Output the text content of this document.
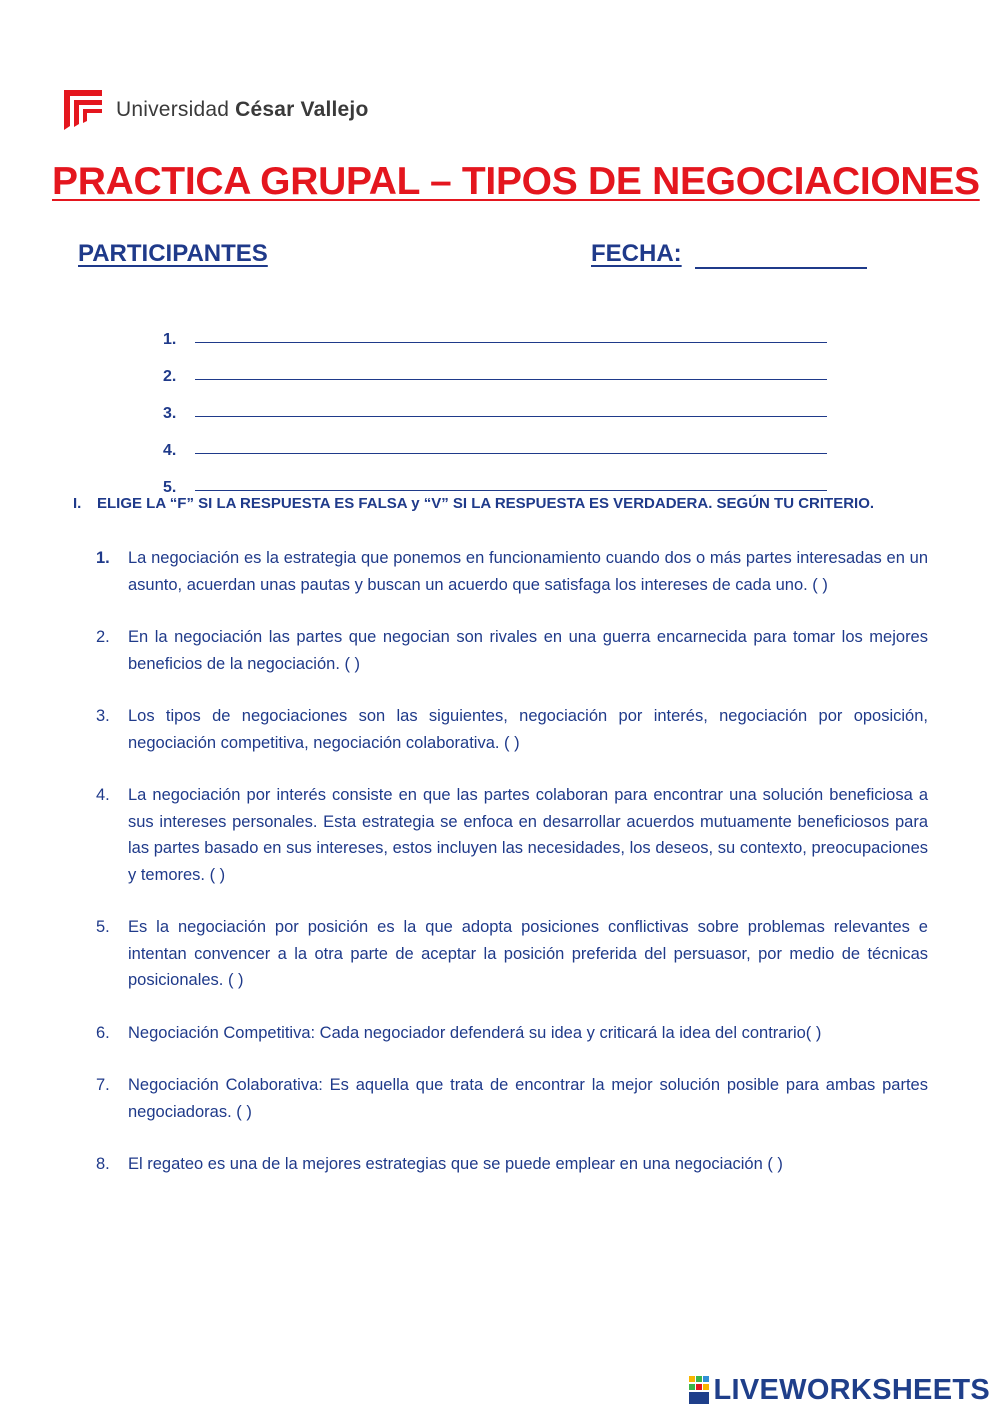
Universidad César Vallejo
PRACTICA GRUPAL – TIPOS DE NEGOCIACIONES
PARTICIPANTES	FECHA:
1.
2.
3.
4.
5.
I. ELIGE LA “F” SI LA RESPUESTA ES FALSA y “V” SI LA RESPUESTA ES VERDADERA. SEGÚN TU CRITERIO.
1.	La negociación es la estrategia que ponemos en funcionamiento cuando dos o más partes interesadas en un asunto, acuerdan unas pautas y buscan un acuerdo que satisfaga los intereses de cada uno. ( )
2.	En la negociación las partes que negocian son rivales en una guerra encarnecida para tomar los mejores beneficios de la negociación. ( )
3.	Los tipos de negociaciones son las siguientes, negociación por interés, negociación por oposición, negociación competitiva, negociación colaborativa. ( )
4.	La negociación por interés consiste en que las partes colaboran para encontrar una solución beneficiosa a sus intereses personales. Esta estrategia se enfoca en desarrollar acuerdos mutuamente beneficiosos para las partes basado en sus intereses, estos incluyen las necesidades, los deseos, su contexto, preocupaciones y temores. ( )
5.	Es la negociación por posición es la que adopta posiciones conflictivas sobre problemas relevantes e intentan convencer a la otra parte de aceptar la posición preferida del persuasor, por medio de técnicas posicionales. ( )
6.	Negociación Competitiva: Cada negociador defenderá su idea y criticará la idea del contrario( )
7.	Negociación Colaborativa: Es aquella que trata de encontrar la mejor solución posible para ambas partes negociadoras. ( )
8.	El regateo es una de la mejores estrategias que se puede emplear en una negociación ( )
LIVEWORKSHEETS
